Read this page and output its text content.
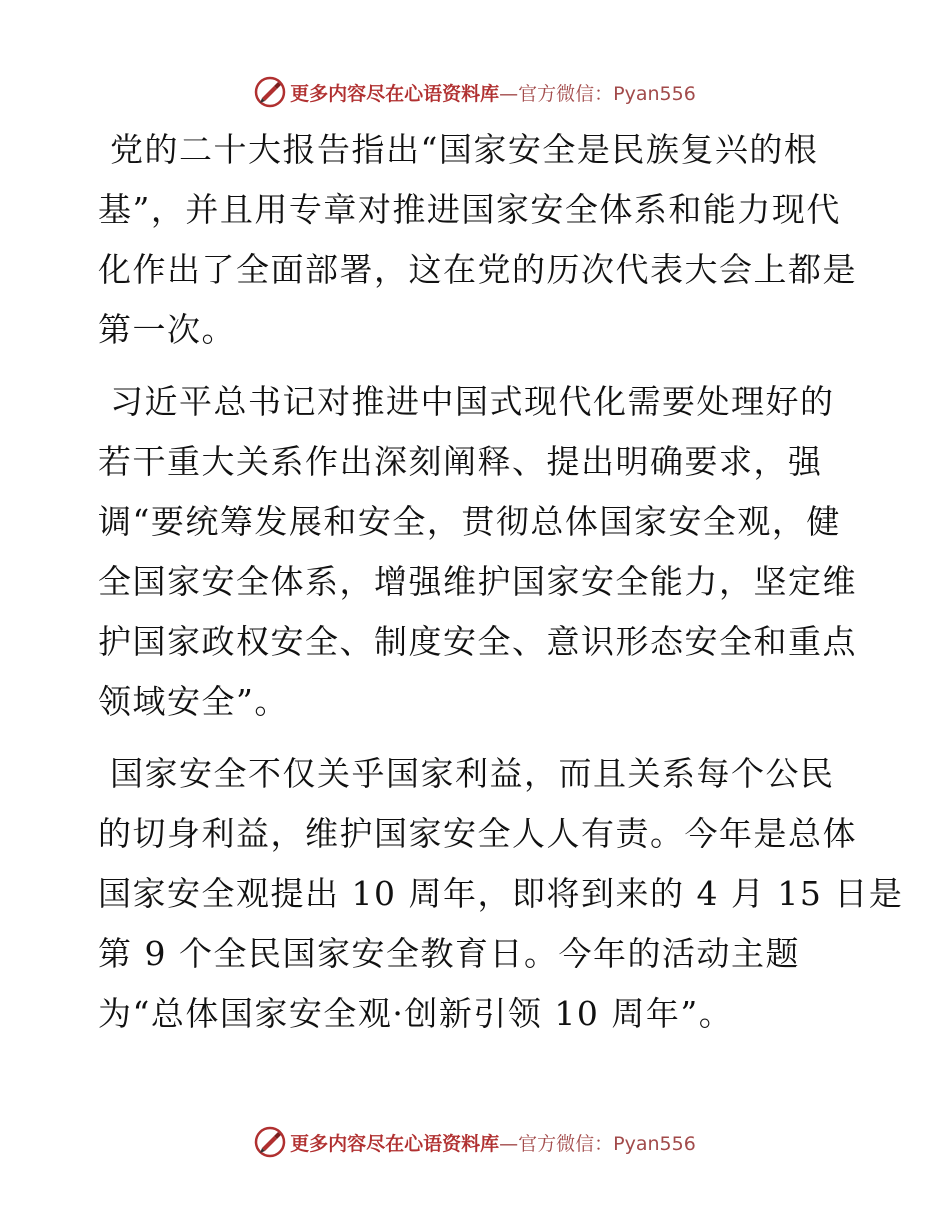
更多内容尽在心语资料库—官方微信：Pyan556

党的二十大报告指出“国家安全是民族复兴的根
基”，并且用专章对推进国家安全体系和能力现代
化作出了全面部署，这在党的历次代表大会上都是
第一次。

习近平总书记对推进中国式现代化需要处理好的
若干重大关系作出深刻阐释、提出明确要求，强
调“要统筹发展和安全，贯彻总体国家安全观，健
全国家安全体系，增强维护国家安全能力，坚定维
护国家政权安全、制度安全、意识形态安全和重点
领域安全”。

国家安全不仅关乎国家利益，而且关系每个公民
的切身利益，维护国家安全人人有责。今年是总体
国家安全观提出 10 周年，即将到来的 4 月 15 日是
第 9 个全民国家安全教育日。今年的活动主题
为“总体国家安全观·创新引领 10 周年”。

更多内容尽在心语资料库—官方微信：Pyan556
